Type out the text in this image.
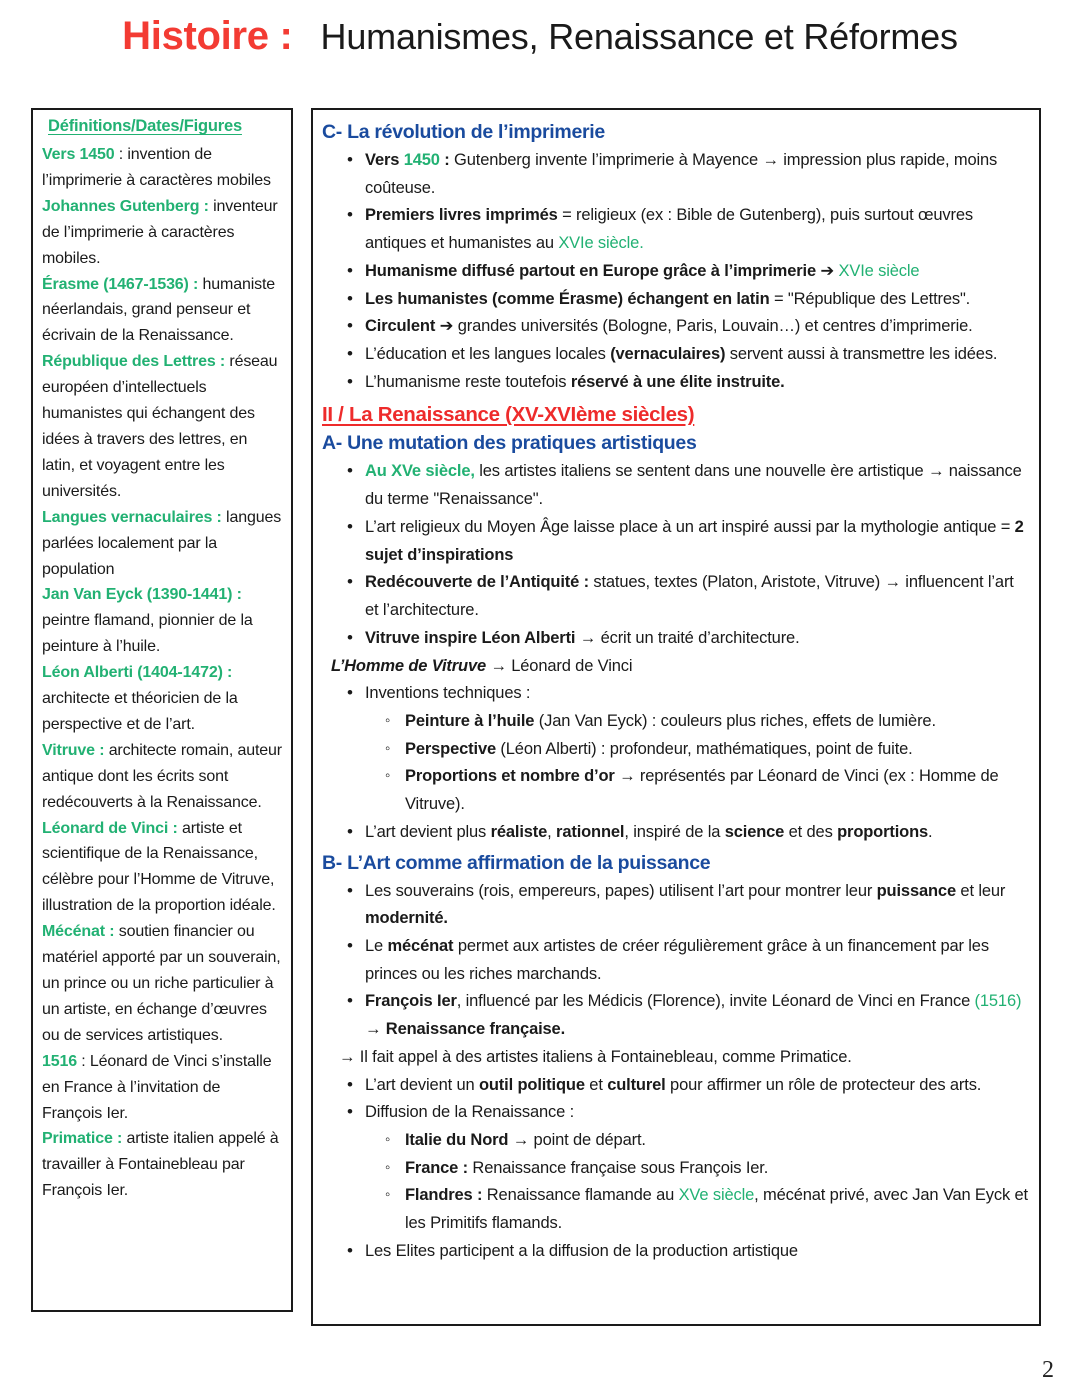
Histoire : Humanismes, Renaissance et Réformes
Définitions/Dates/Figures

Vers 1450 : invention de l’imprimerie à caractères mobiles

Johannes Gutenberg : inventeur de l’imprimerie à caractères mobiles.

Érasme (1467-1536) : humaniste néerlandais, grand penseur et écrivain de la Renaissance.

République des Lettres : réseau européen d’intellectuels humanistes qui échangent des idées à travers des lettres, en latin, et voyagent entre les universités.

Langues vernaculaires : langues parlées localement par la population

Jan Van Eyck (1390-1441) : peintre flamand, pionnier de la peinture à l’huile.

Léon Alberti (1404-1472) : architecte et théoricien de la perspective et de l’art.

Vitruve : architecte romain, auteur antique dont les écrits sont redécouverts à la Renaissance.

Léonard de Vinci : artiste et scientifique de la Renaissance, célèbre pour l’Homme de Vitruve, illustration de la proportion idéale.

Mécénat : soutien financier ou matériel apporté par un souverain, un prince ou un riche particulier à un artiste, en échange d’œuvres ou de services artistiques.

1516 : Léonard de Vinci s’installe en France à l’invitation de François Ier.

Primatice : artiste italien appelé à travailler à Fontainebleau par François Ier.

C- La révolution de l’imprimerie
• Vers 1450 : Gutenberg invente l’imprimerie à Mayence → impression plus rapide, moins coûteuse.
• Premiers livres imprimés = religieux (ex : Bible de Gutenberg), puis surtout œuvres antiques et humanistes au XVIe siècle.
• Humanisme diffusé partout en Europe grâce à l’imprimerie ➔ XVIe siècle
• Les humanistes (comme Érasme) échangent en latin = "République des Lettres".
• Circulent ➔ grandes universités (Bologne, Paris, Louvain…) et centres d’imprimerie.
• L’éducation et les langues locales (vernaculaires) servent aussi à transmettre les idées.
• L’humanisme reste toutefois réservé à une élite instruite.
II / La Renaissance (XV-XVIème siècles)
A- Une mutation des pratiques artistiques
• Au XVe siècle, les artistes italiens se sentent dans une nouvelle ère artistique → naissance du terme "Renaissance".
• L’art religieux du Moyen Âge laisse place à un art inspiré aussi par la mythologie antique = 2 sujet d’inspirations
• Redécouverte de l’Antiquité : statues, textes (Platon, Aristote, Vitruve) → influencent l’art et l’architecture.
• Vitruve inspire Léon Alberti → écrit un traité d’architecture.
L’Homme de Vitruve → Léonard de Vinci
• Inventions techniques :
◦ Peinture à l’huile (Jan Van Eyck) : couleurs plus riches, effets de lumière.
◦ Perspective (Léon Alberti) : profondeur, mathématiques, point de fuite.
◦ Proportions et nombre d’or → représentés par Léonard de Vinci (ex : Homme de Vitruve).
• L’art devient plus réaliste, rationnel, inspiré de la science et des proportions.
B- L’Art comme affirmation de la puissance
• Les souverains (rois, empereurs, papes) utilisent l’art pour montrer leur puissance et leur modernité.
• Le mécénat permet aux artistes de créer régulièrement grâce à un financement par les princes ou les riches marchands.
• François Ier, influencé par les Médicis (Florence), invite Léonard de Vinci en France (1516) → Renaissance française.
→ Il fait appel à des artistes italiens à Fontainebleau, comme Primatice.
• L’art devient un outil politique et culturel pour affirmer un rôle de protecteur des arts.
• Diffusion de la Renaissance :
◦ Italie du Nord → point de départ.
◦ France : Renaissance française sous François Ier.
◦ Flandres : Renaissance flamande au XVe siècle, mécénat privé, avec Jan Van Eyck et les Primitifs flamands.
• Les Elites participent a la diffusion de la production artistique
2
